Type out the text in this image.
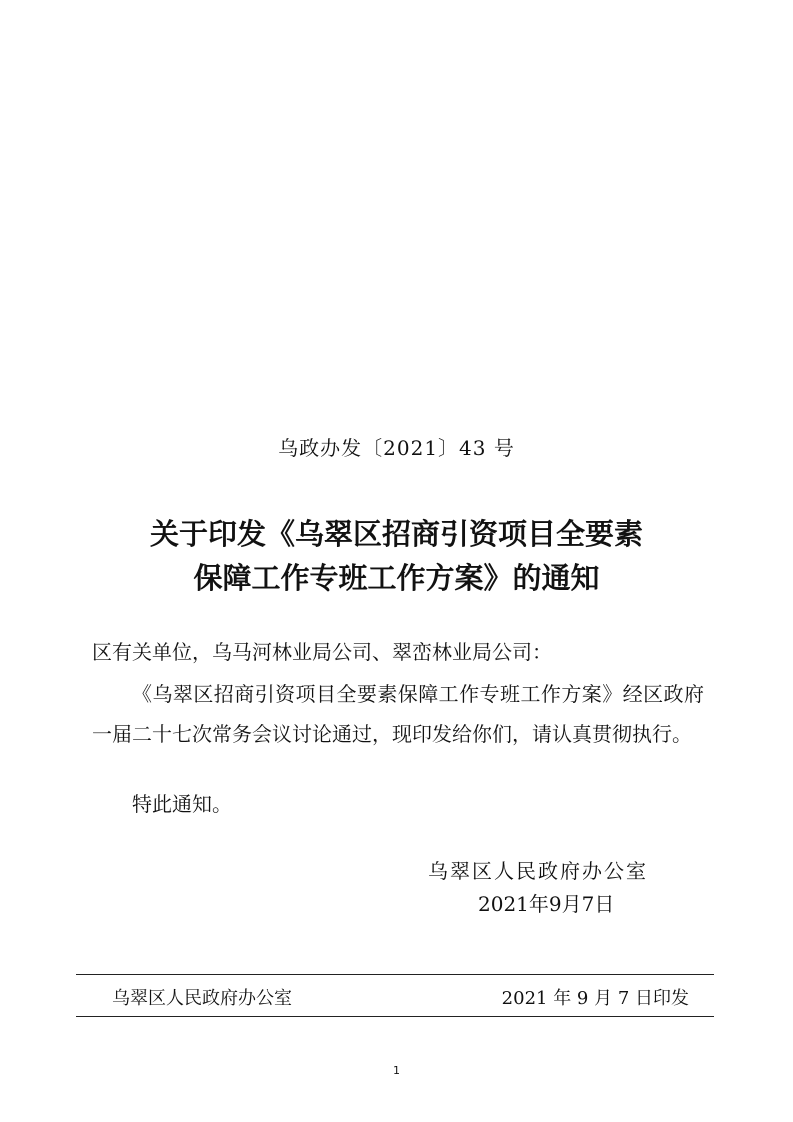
乌政办发〔2021〕43 号
关于印发《乌翠区招商引资项目全要素
保障工作专班工作方案》的通知
区有关单位，乌马河林业局公司、翠峦林业局公司：
《乌翠区招商引资项目全要素保障工作专班工作方案》经区政府一届二十七次常务会议讨论通过，现印发给你们，请认真贯彻执行。
特此通知。
乌翠区人民政府办公室
2021年9月7日
乌翠区人民政府办公室	2021 年 9 月 7 日印发
1
